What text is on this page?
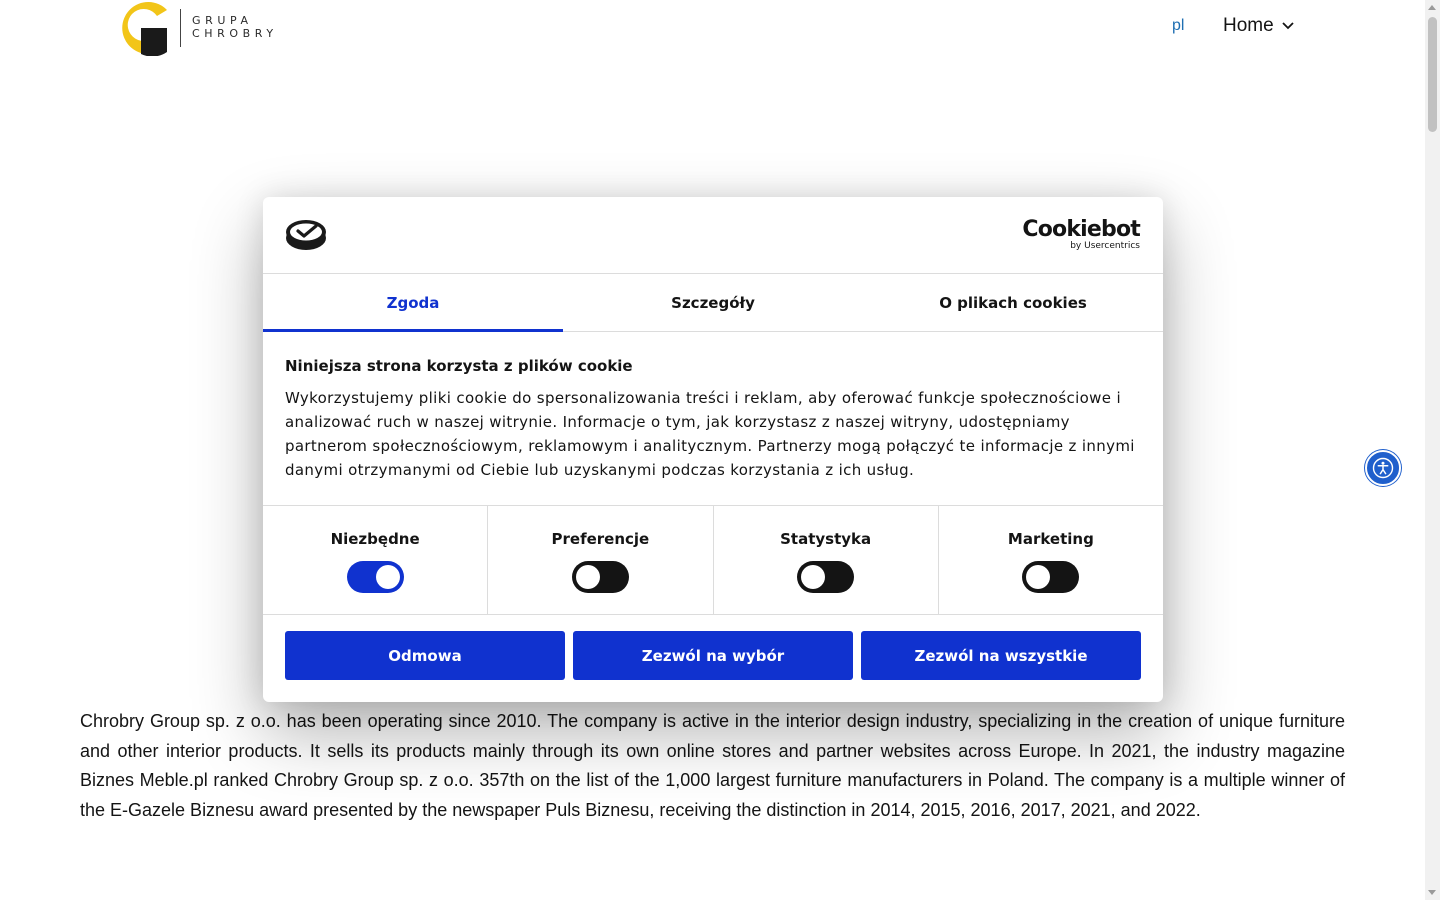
GRUPA
CHROBRY	pl Home

Chrobry Group sp. z o.o. has been operating since 2010. The company is active in the interior design industry, specializing in the creation of unique furniture and other interior products. It sells its products mainly through its own online stores and partner websites across Europe. In 2021, the industry magazine Biznes Meble.pl ranked Chrobry Group sp. z o.o. 357th on the list of the 1,000 largest furniture manufacturers in Poland. The company is a multiple winner of the E-Gazele Biznesu award presented by the newspaper Puls Biznesu, receiving the distinction in 2014, 2015, 2016, 2017, 2021, and 2022.

Cookiebot
by Usercentrics
Zgoda	Szczegóły	O plikach cookies
Niniejsza strona korzysta z plików cookie
Wykorzystujemy pliki cookie do spersonalizowania treści i reklam, aby oferować funkcje społecznościowe i analizować ruch w naszej witrynie. Informacje o tym, jak korzystasz z naszej witryny, udostępniamy partnerom społecznościowym, reklamowym i analitycznym. Partnerzy mogą połączyć te informacje z innymi danymi otrzymanymi od Ciebie lub uzyskanymi podczas korzystania z ich usług.
Niezbędne	Preferencje	Statystyka	Marketing
Odmowa	Zezwól na wybór	Zezwól na wszystkie
